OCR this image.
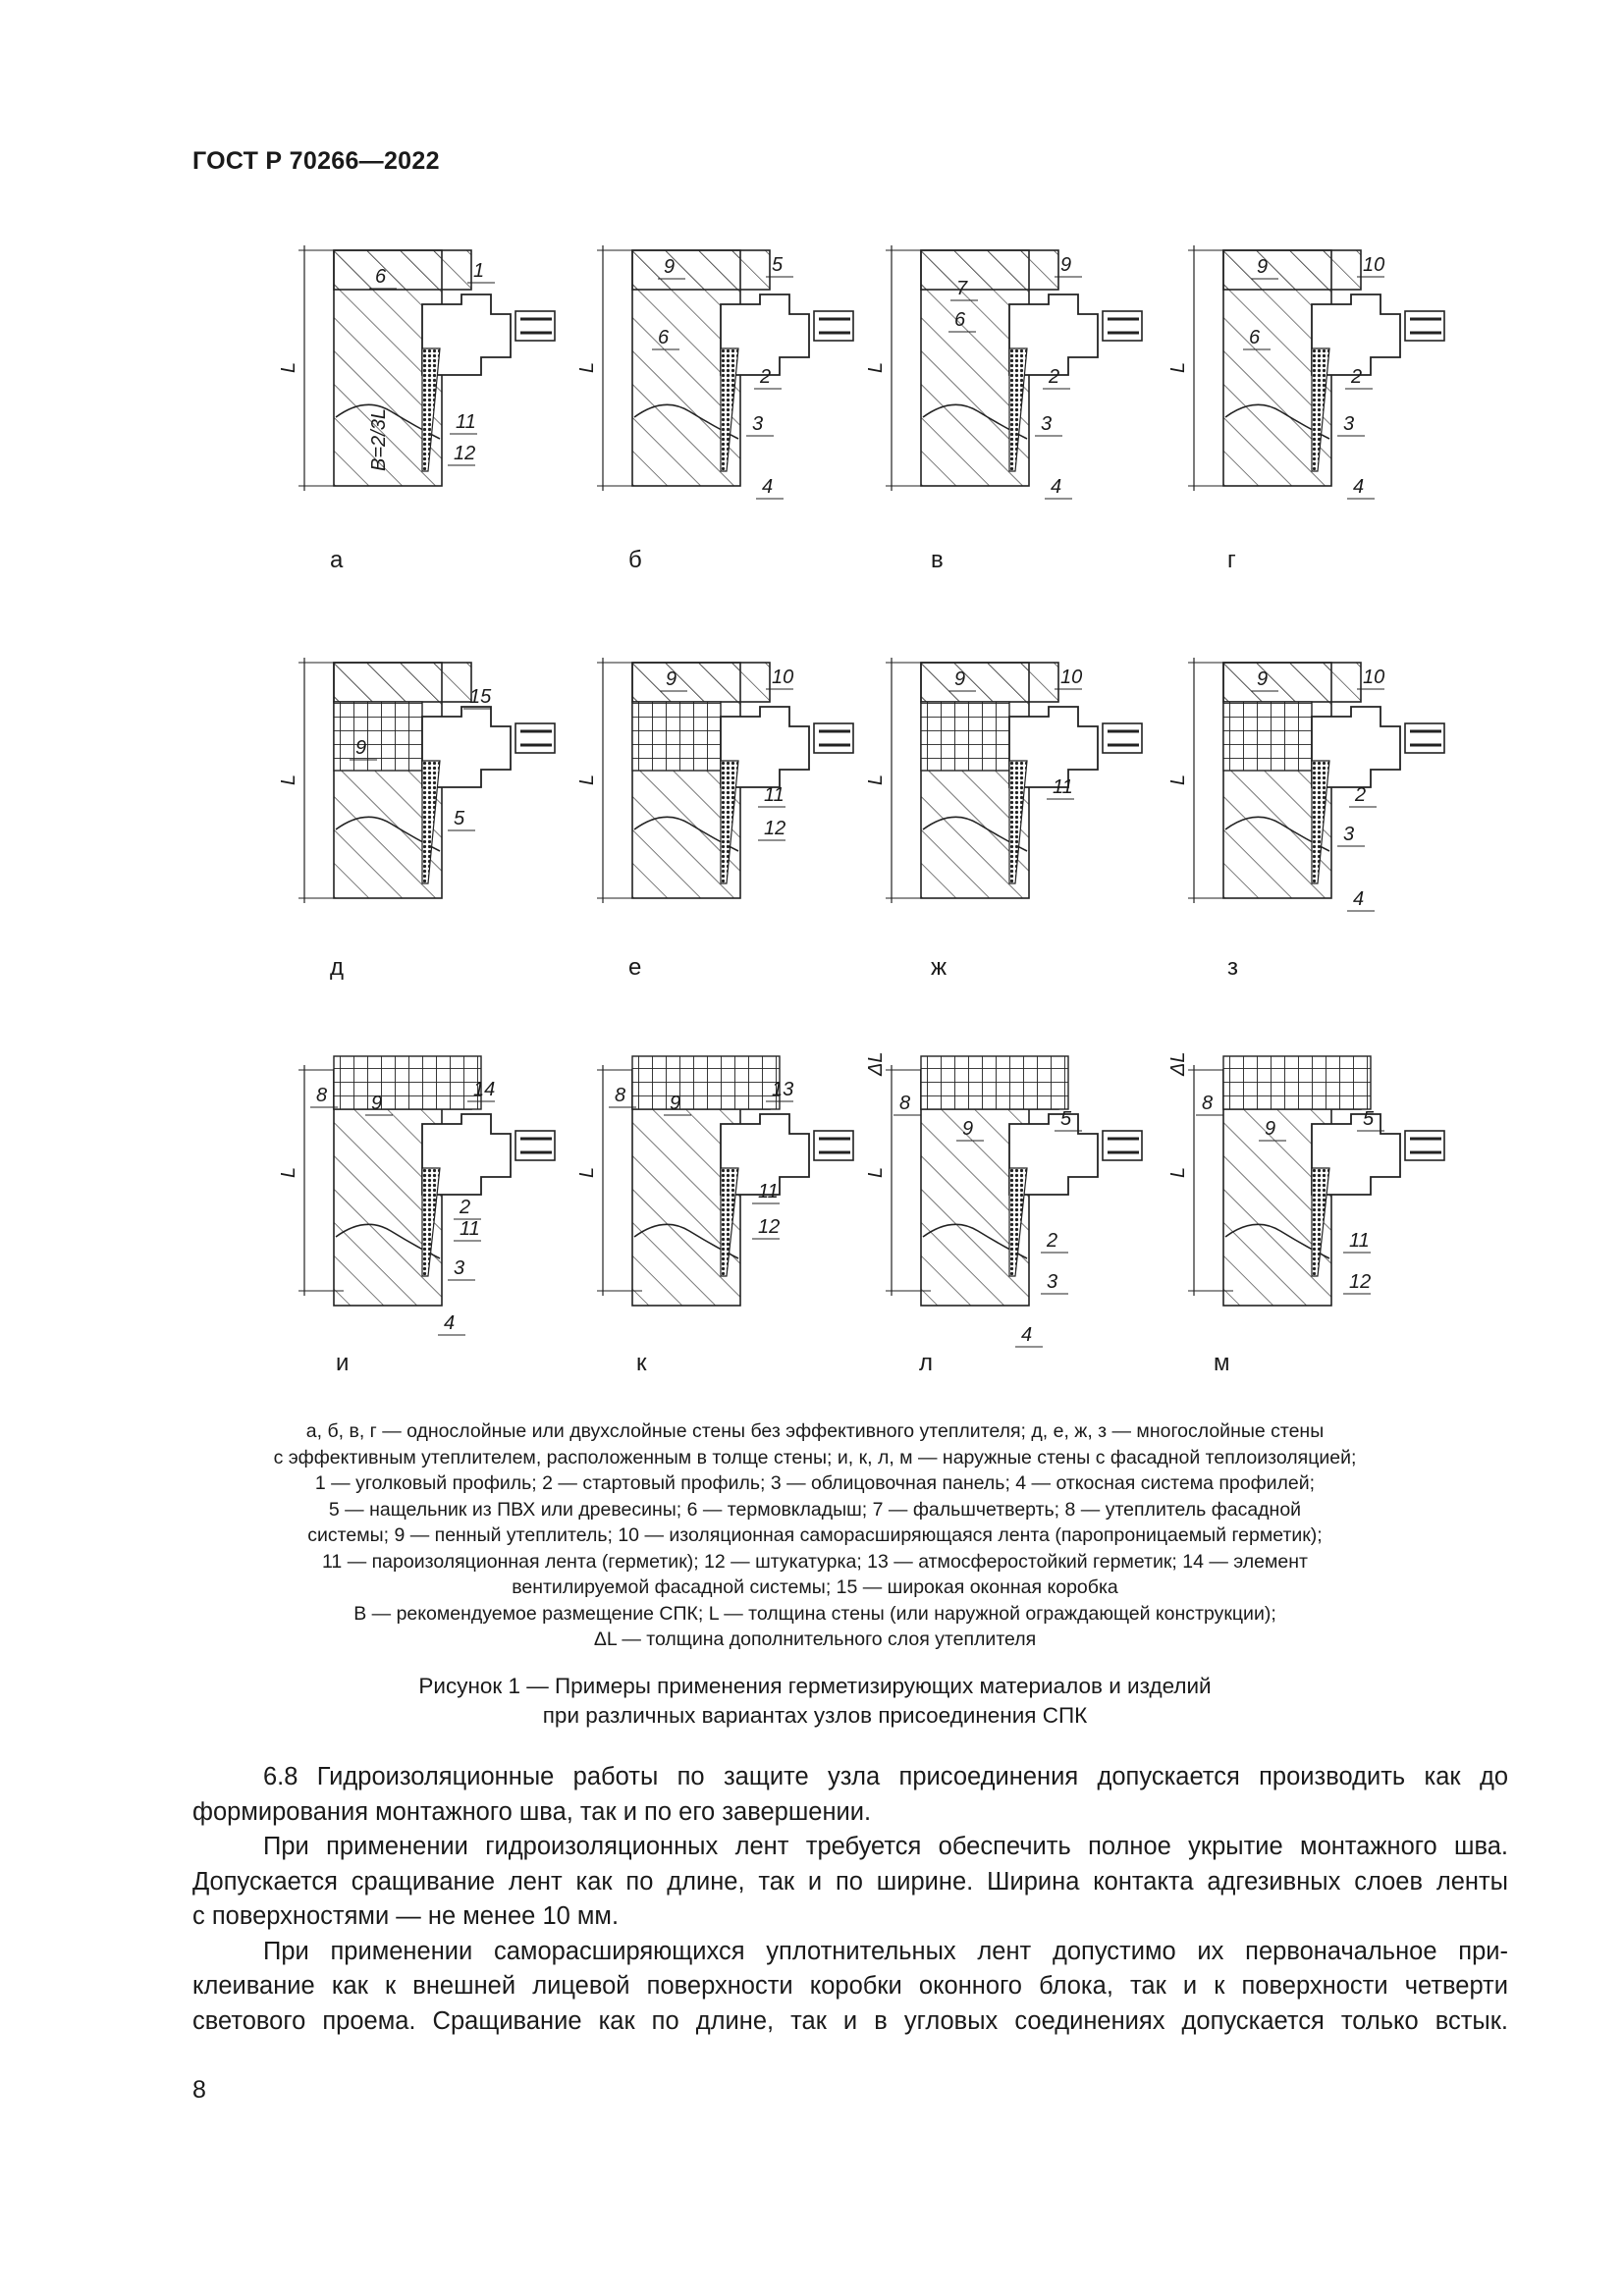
ГОСТ Р 70266—2022
6	1
11
12
L
В=2/3L
9	5
6
2
3
4
L
7
9
6
2
3
4
L
9	10
6
2
3
4
L
15
9
5
L
9	10
11
12
L
9	10
11
L
9	10
2
3
4
L
8 9
14
2
11
3
4
L
8 9
13
11
12
L
8
9	5
2
3
4
ΔL
L
8
9	5
11
12
ΔL
L
а	б	в	г
д	е	ж	з
и	к	л	м
а, б, в, г — однослойные или двухслойные стены без эффективного утеплителя; д, е, ж, з — многослойные стены
с эффективным утеплителем, расположенным в толще стены; и, к, л, м — наружные стены с фасадной теплоизоляцией;
1 — уголковый профиль; 2 — стартовый профиль; 3 — облицовочная панель; 4 — откосная система профилей;
5 — нащельник из ПВХ или древесины; 6 — термовкладыш; 7 — фальшчетверть; 8 — утеплитель фасадной
системы; 9 — пенный утеплитель; 10 — изоляционная саморасширяющаяся лента (паропроницаемый герметик);
11 — пароизоляционная лента (герметик); 12 — штукатурка; 13 — атмосферостойкий герметик; 14 — элемент
вентилируемой фасадной системы; 15 — широкая оконная коробка
B — рекомендуемое размещение СПК; L — толщина стены (или наружной ограждающей конструкции);
ΔL — толщина дополнительного слоя утеплителя
Рисунок 1 — Примеры применения герметизирующих материалов и изделий
при различных вариантах узлов присоединения СПК

6.8 Гидроизоляционные работы по защите узла присоединения допускается производить как до

формирования монтажного шва, так и по его завершении.

При применении гидроизоляционных лент требуется обеспечить полное укрытие монтажного шва.

Допускается сращивание лент как по длине, так и по ширине. Ширина контакта адгезивных слоев ленты
с поверхностями — не менее 10 мм.

При применении саморасширяющихся уплотнительных лент допустимо их первоначальное при-

клеивание как к внешней лицевой поверхности коробки оконного блока, так и к поверхности четверти
светового проема. Сращивание как по длине, так и в угловых соединениях допускается только встык.
8
